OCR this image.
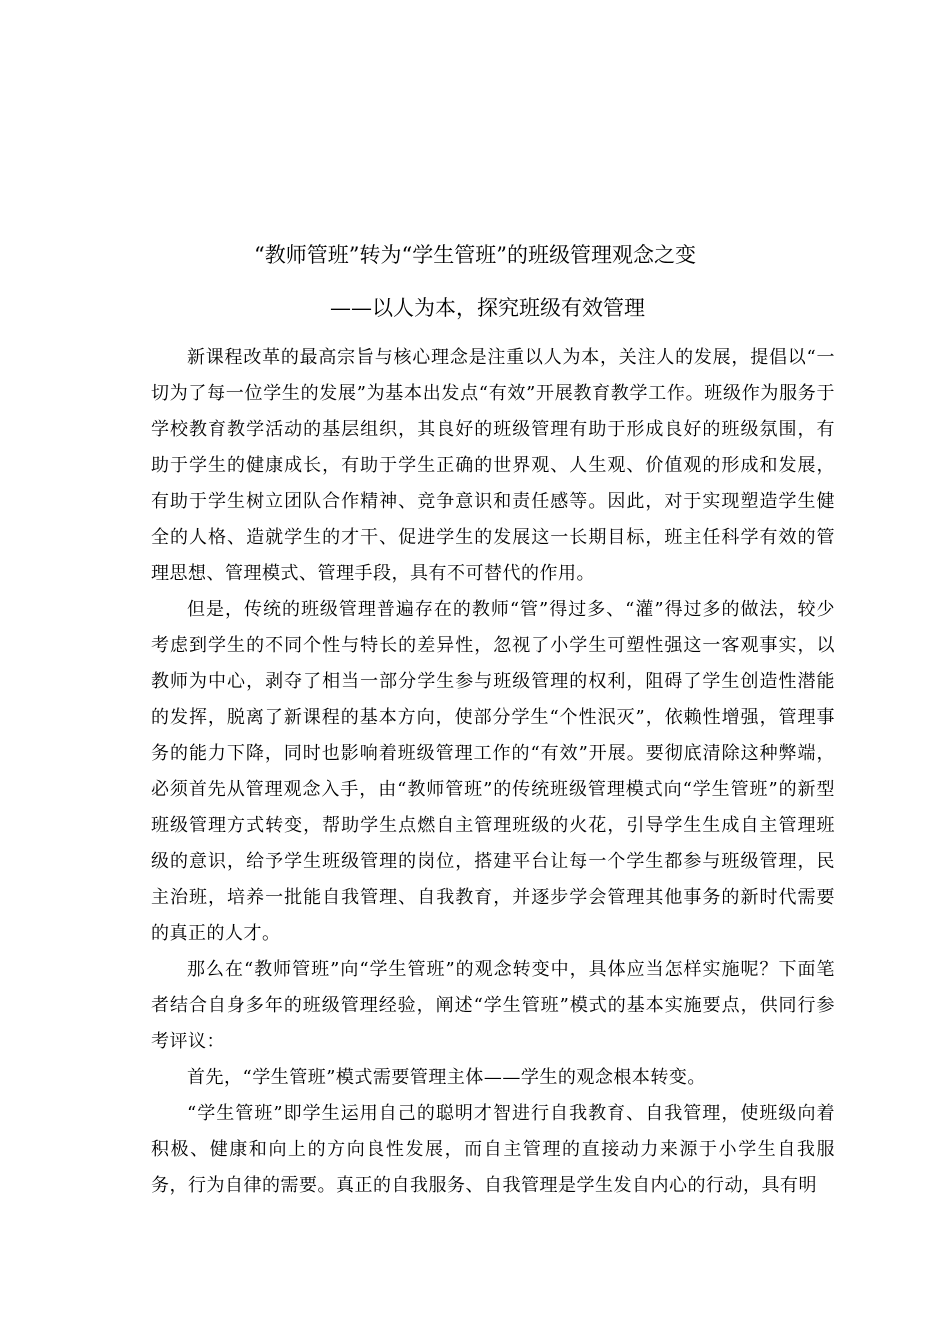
“教师管班”转为“学生管班”的班级管理观念之变
——以人为本，探究班级有效管理

新课程改革的最高宗旨与核心理念是注重以人为本，关注人的发展，提倡以“一切为了每一位学生的发展”为基本出发点“有效”开展教育教学工作。班级作为服务于学校教育教学活动的基层组织，其良好的班级管理有助于形成良好的班级氛围，有助于学生的健康成长，有助于学生正确的世界观、人生观、价值观的形成和发展，有助于学生树立团队合作精神、竞争意识和责任感等。因此，对于实现塑造学生健全的人格、造就学生的才干、促进学生的发展这一长期目标，班主任科学有效的管理思想、管理模式、管理手段，具有不可替代的作用。

但是，传统的班级管理普遍存在的教师“管”得过多、“灌”得过多的做法，较少考虑到学生的不同个性与特长的差异性，忽视了小学生可塑性强这一客观事实，以教师为中心，剥夺了相当一部分学生参与班级管理的权利，阻碍了学生创造性潜能的发挥，脱离了新课程的基本方向，使部分学生“个性泯灭”，依赖性增强，管理事务的能力下降，同时也影响着班级管理工作的“有效”开展。要彻底清除这种弊端，必须首先从管理观念入手，由“教师管班”的传统班级管理模式向“学生管班”的新型班级管理方式转变，帮助学生点燃自主管理班级的火花，引导学生生成自主管理班级的意识，给予学生班级管理的岗位，搭建平台让每一个学生都参与班级管理，民主治班，培养一批能自我管理、自我教育，并逐步学会管理其他事务的新时代需要的真正的人才。

那么在“教师管班”向“学生管班”的观念转变中，具体应当怎样实施呢？下面笔者结合自身多年的班级管理经验，阐述“学生管班”模式的基本实施要点，供同行参考评议：

首先，“学生管班”模式需要管理主体——学生的观念根本转变。

“学生管班”即学生运用自己的聪明才智进行自我教育、自我管理，使班级向着积极、健康和向上的方向良性发展，而自主管理的直接动力来源于小学生自我服务，行为自律的需要。真正的自我服务、自我管理是学生发自内心的行动，具有明
